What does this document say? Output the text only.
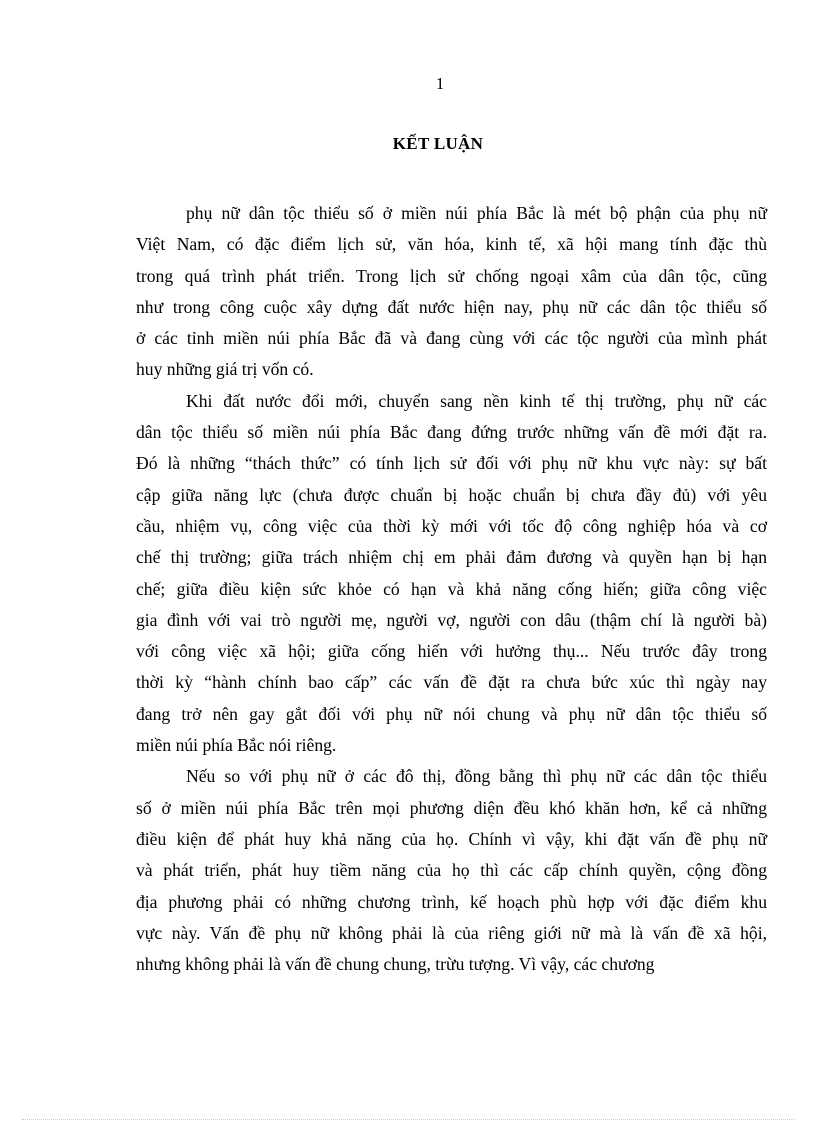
1
KẾT LUẬN
phụ nữ dân tộc thiểu số ở miền núi phía Bắc là mét bộ phận của phụ nữ
Việt Nam, có đặc điểm lịch sử, văn hóa, kinh tế, xã hội mang tính đặc thù
trong quá trình phát triển. Trong lịch sử chống ngoại xâm của dân tộc, cũng
như trong công cuộc xây dựng đất nước hiện nay, phụ nữ các dân tộc thiểu số
ở các tỉnh miền núi phía Bắc đã và đang cùng với các tộc người của mình phát
huy những giá trị vốn có.
Khi đất nước đổi mới, chuyển sang nền kinh tế thị trường, phụ nữ các
dân tộc thiểu số miền núi phía Bắc đang đứng trước những vấn đề mới đặt ra.
Đó là những “thách thức” có tính lịch sử đối với phụ nữ khu vực này: sự bất
cập giữa năng lực (chưa được chuẩn bị hoặc chuẩn bị chưa đầy đủ) với yêu
cầu, nhiệm vụ, công việc của thời kỳ mới với tốc độ công nghiệp hóa và cơ
chế thị trường; giữa trách nhiệm chị em phải đảm đương và quyền hạn bị hạn
chế; giữa điều kiện sức khỏe có hạn và khả năng cống hiến; giữa công việc
gia đình với vai trò người mẹ, người vợ, người con dâu (thậm chí là người bà)
với công việc xã hội; giữa cống hiến với hưởng thụ... Nếu trước đây trong
thời kỳ “hành chính bao cấp” các vấn đề đặt ra chưa bức xúc thì ngày nay
đang trở nên gay gắt đối với phụ nữ nói chung và phụ nữ dân tộc thiểu số
miền núi phía Bắc nói riêng.
Nếu so với phụ nữ ở các đô thị, đồng bằng thì phụ nữ các dân tộc thiểu
số ở miền núi phía Bắc trên mọi phương diện đều khó khăn hơn, kể cả những
điều kiện để phát huy khả năng của họ. Chính vì vậy, khi đặt vấn đề phụ nữ
và phát triển, phát huy tiềm năng của họ thì các cấp chính quyền, cộng đồng
địa phương phải có những chương trình, kế hoạch phù hợp với đặc điểm khu
vực này. Vấn đề phụ nữ không phải là của riêng giới nữ mà là vấn đề xã hội,
nhưng không phải là vấn đề chung chung, trừu tượng. Vì vậy, các chương
